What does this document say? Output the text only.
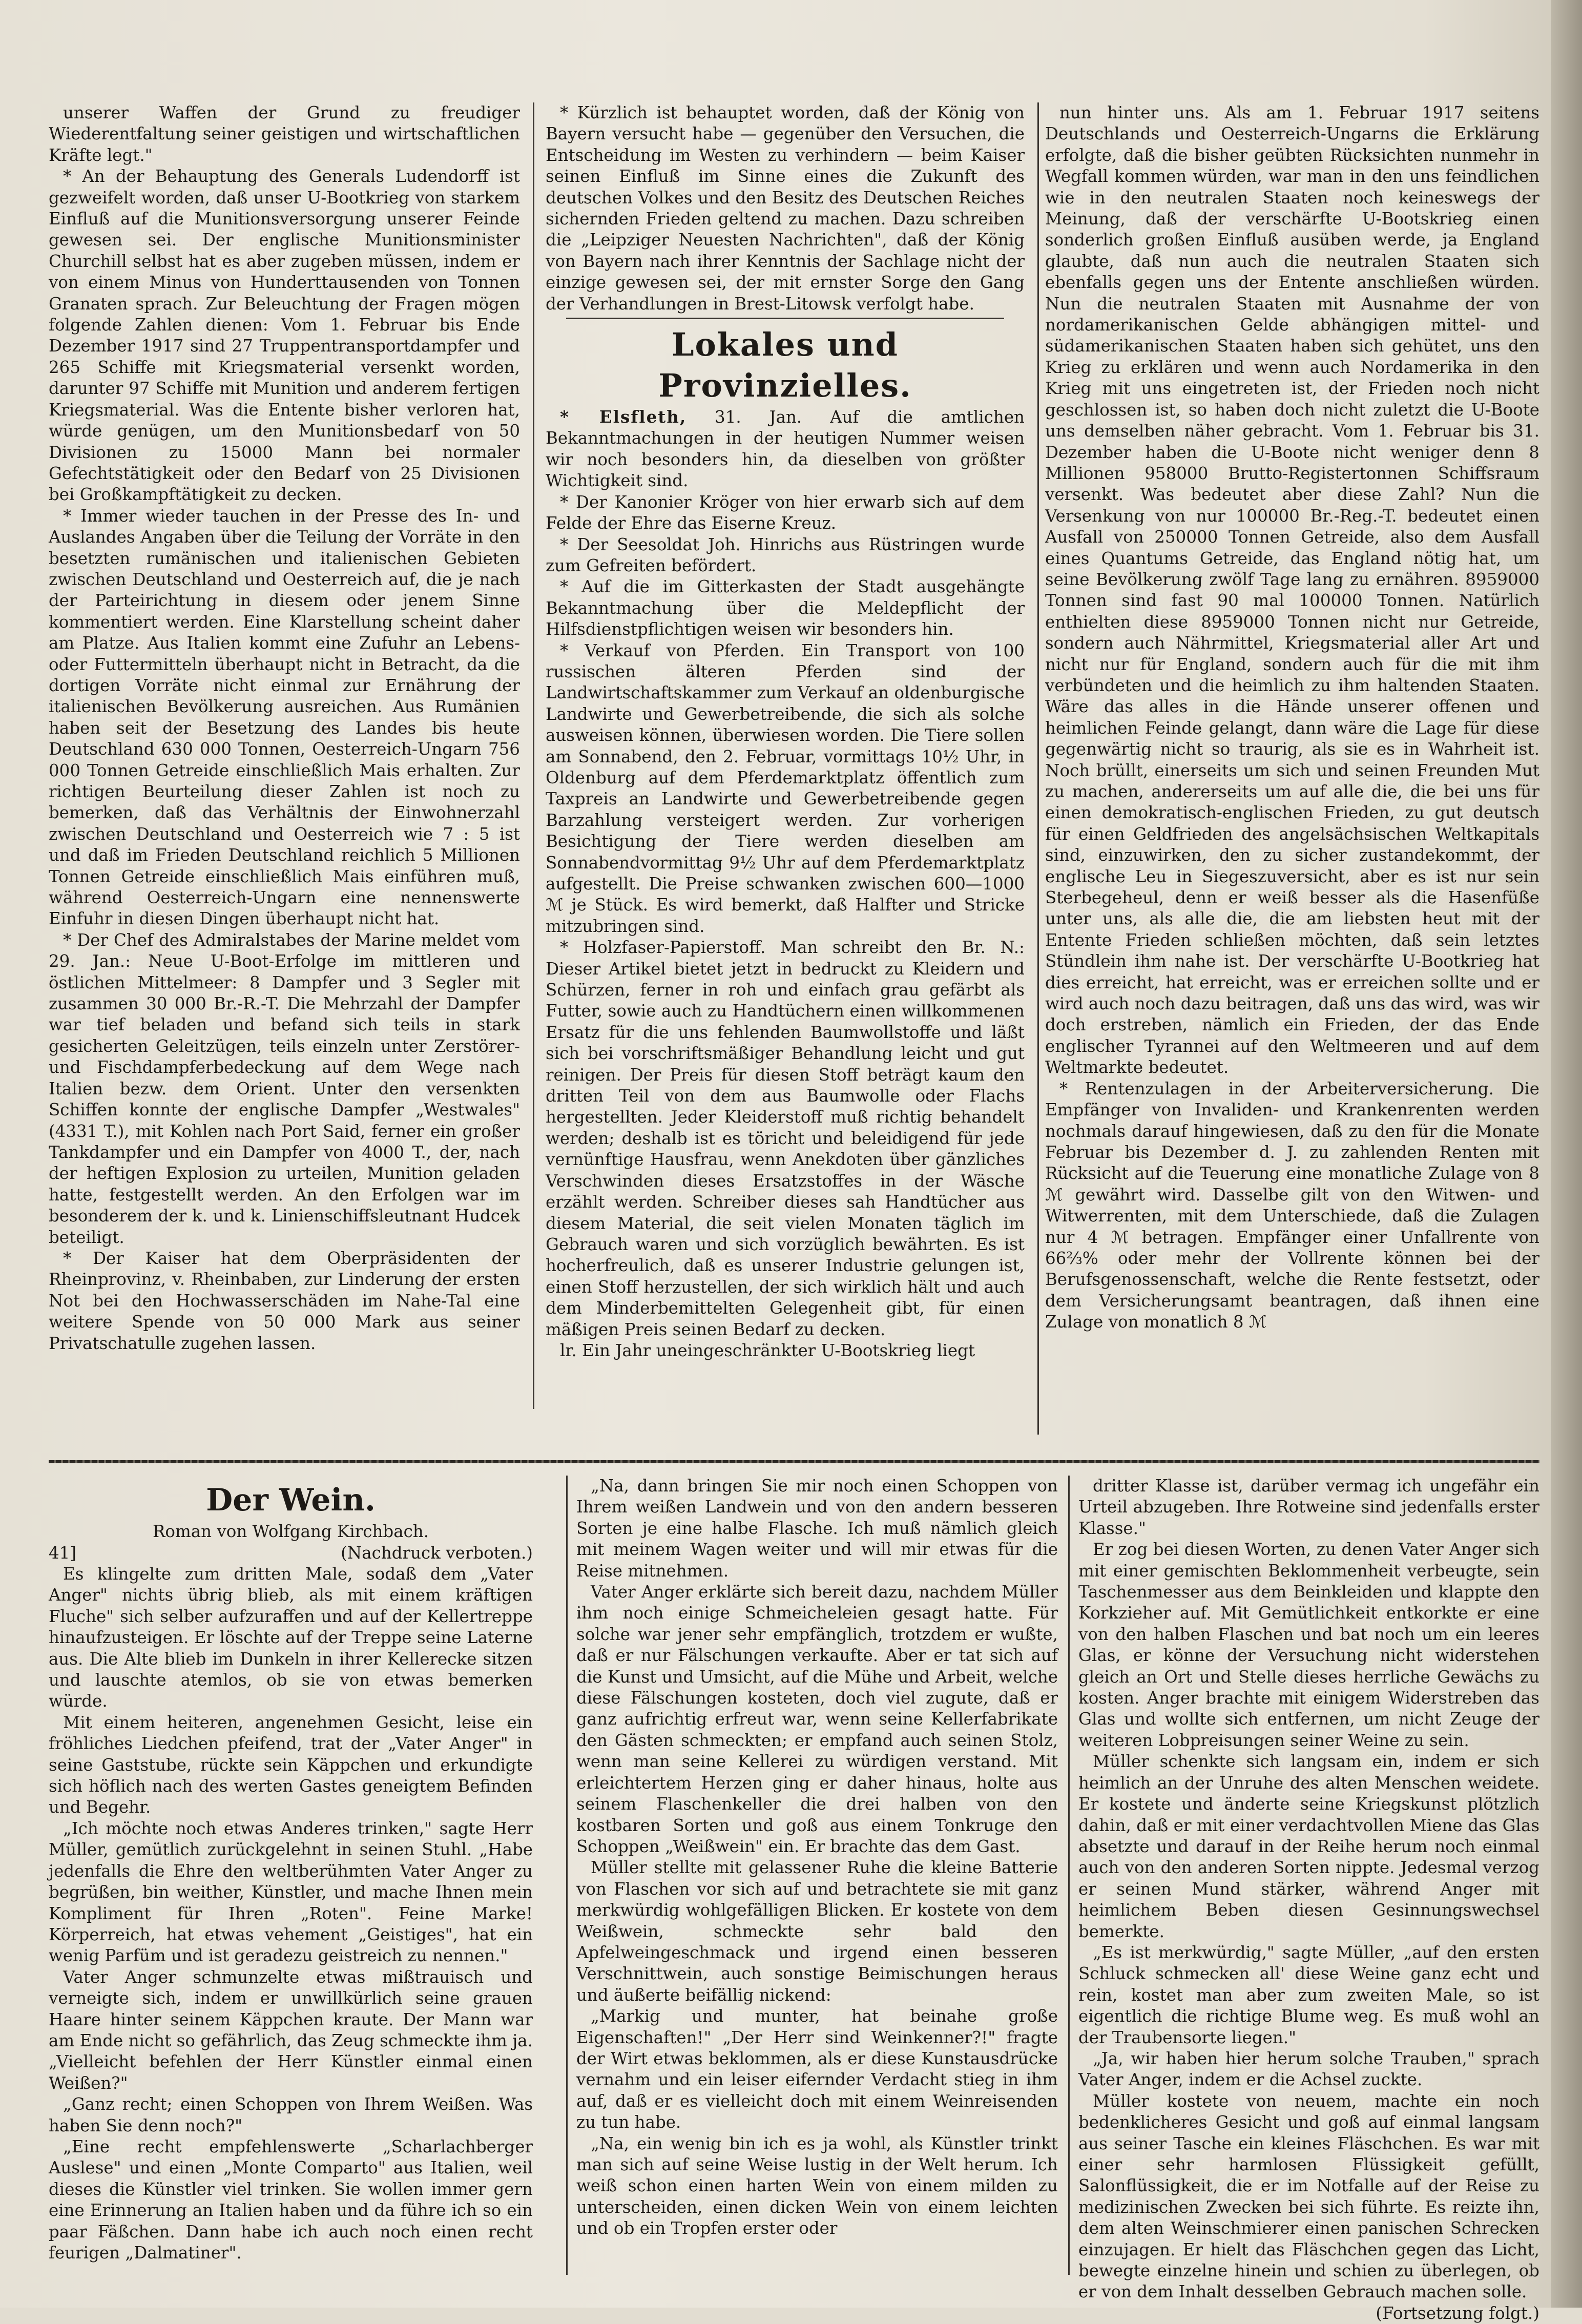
unserer Waffen der Grund zu freudiger Wiederentfaltung seiner geistigen und wirtschaftlichen Kräfte legt."

* An der Behauptung des Generals Ludendorff ist gezweifelt worden, daß unser U-Bootkrieg von starkem Einfluß auf die Munitionsversorgung unserer Feinde gewesen sei. Der englische Munitionsminister Churchill selbst hat es aber zugeben müssen, indem er von einem Minus von Hunderttausenden von Tonnen Granaten sprach. Zur Beleuchtung der Fragen mögen folgende Zahlen dienen: Vom 1. Februar bis Ende Dezember 1917 sind 27 Truppentransportdampfer und 265 Schiffe mit Kriegsmaterial versenkt worden, darunter 97 Schiffe mit Munition und anderem fertigen Kriegsmaterial. Was die Entente bisher verloren hat, würde genügen, um den Munitionsbedarf von 50 Divisionen zu 15000 Mann bei normaler Gefechtstätigkeit oder den Bedarf von 25 Divisionen bei Großkampftätigkeit zu decken.

* Immer wieder tauchen in der Presse des In- und Auslandes Angaben über die Teilung der Vorräte in den besetzten rumänischen und italienischen Gebieten zwischen Deutschland und Oesterreich auf, die je nach der Parteirichtung in diesem oder jenem Sinne kommentiert werden. Eine Klarstellung scheint daher am Platze. Aus Italien kommt eine Zufuhr an Lebens- oder Futtermitteln überhaupt nicht in Betracht, da die dortigen Vorräte nicht einmal zur Ernährung der italienischen Bevölkerung ausreichen. Aus Rumänien haben seit der Besetzung des Landes bis heute Deutschland 630 000 Tonnen, Oesterreich-Ungarn 756 000 Tonnen Getreide einschließlich Mais erhalten. Zur richtigen Beurteilung dieser Zahlen ist noch zu bemerken, daß das Verhältnis der Einwohnerzahl zwischen Deutschland und Oesterreich wie 7 : 5 ist und daß im Frieden Deutschland reichlich 5 Millionen Tonnen Getreide einschließlich Mais einführen muß, während Oesterreich-Ungarn eine nennenswerte Einfuhr in diesen Dingen überhaupt nicht hat.

* Der Chef des Admiralstabes der Marine meldet vom 29. Jan.: Neue U-Boot-Erfolge im mittleren und östlichen Mittelmeer: 8 Dampfer und 3 Segler mit zusammen 30 000 Br.-R.-T. Die Mehrzahl der Dampfer war tief beladen und befand sich teils in stark gesicherten Geleitzügen, teils einzeln unter Zerstörer- und Fischdampferbedeckung auf dem Wege nach Italien bezw. dem Orient. Unter den versenkten Schiffen konnte der englische Dampfer „Westwales" (4331 T.), mit Kohlen nach Port Said, ferner ein großer Tankdampfer und ein Dampfer von 4000 T., der, nach der heftigen Explosion zu urteilen, Munition geladen hatte, festgestellt werden. An den Erfolgen war im besonderem der k. und k. Linienschiffsleutnant Hudcek beteiligt.

* Der Kaiser hat dem Oberpräsidenten der Rheinprovinz, v. Rheinbaben, zur Linderung der ersten Not bei den Hochwasserschäden im Nahe-Tal eine weitere Spende von 50 000 Mark aus seiner Privatschatulle zugehen lassen.

* Kürzlich ist behauptet worden, daß der König von Bayern versucht habe — gegenüber den Versuchen, die Entscheidung im Westen zu verhindern — beim Kaiser seinen Einfluß im Sinne eines die Zukunft des deutschen Volkes und den Besitz des Deutschen Reiches sichernden Frieden geltend zu machen. Dazu schreiben die „Leipziger Neuesten Nachrichten", daß der König von Bayern nach ihrer Kenntnis der Sachlage nicht der einzige gewesen sei, der mit ernster Sorge den Gang der Verhandlungen in Brest-Litowsk verfolgt habe.

Lokales und Provinzielles.

* Elsfleth, 31. Jan. Auf die amtlichen Bekanntmachungen in der heutigen Nummer weisen wir noch besonders hin, da dieselben von größter Wichtigkeit sind.

* Der Kanonier Kröger von hier erwarb sich auf dem Felde der Ehre das Eiserne Kreuz.

* Der Seesoldat Joh. Hinrichs aus Rüstringen wurde zum Gefreiten befördert.

* Auf die im Gitterkasten der Stadt ausgehängte Bekanntmachung über die Meldepflicht der Hilfsdienstpflichtigen weisen wir besonders hin.

* Verkauf von Pferden. Ein Transport von 100 russischen älteren Pferden sind der Landwirtschaftskammer zum Verkauf an oldenburgische Landwirte und Gewerbetreibende, die sich als solche ausweisen können, überwiesen worden. Die Tiere sollen am Sonnabend, den 2. Februar, vormittags 10½ Uhr, in Oldenburg auf dem Pferdemarktplatz öffentlich zum Taxpreis an Landwirte und Gewerbetreibende gegen Barzahlung versteigert werden. Zur vorherigen Besichtigung der Tiere werden dieselben am Sonnabendvormittag 9½ Uhr auf dem Pferdemarktplatz aufgestellt. Die Preise schwanken zwischen 600—1000 ℳ je Stück. Es wird bemerkt, daß Halfter und Stricke mitzubringen sind.

* Holzfaser-Papierstoff. Man schreibt den Br. N.: Dieser Artikel bietet jetzt in bedruckt zu Kleidern und Schürzen, ferner in roh und einfach grau gefärbt als Futter, sowie auch zu Handtüchern einen willkommenen Ersatz für die uns fehlenden Baumwollstoffe und läßt sich bei vorschriftsmäßiger Behandlung leicht und gut reinigen. Der Preis für diesen Stoff beträgt kaum den dritten Teil von dem aus Baumwolle oder Flachs hergestellten. Jeder Kleiderstoff muß richtig behandelt werden; deshalb ist es töricht und beleidigend für jede vernünftige Hausfrau, wenn Anekdoten über gänzliches Verschwinden dieses Ersatzstoffes in der Wäsche erzählt werden. Schreiber dieses sah Handtücher aus diesem Material, die seit vielen Monaten täglich im Gebrauch waren und sich vorzüglich bewährten. Es ist hocherfreulich, daß es unserer Industrie gelungen ist, einen Stoff herzustellen, der sich wirklich hält und auch dem Minderbemittelten Gelegenheit gibt, für einen mäßigen Preis seinen Bedarf zu decken.

lr. Ein Jahr uneingeschränkter U-Bootskrieg liegt

nun hinter uns. Als am 1. Februar 1917 seitens Deutschlands und Oesterreich-Ungarns die Erklärung erfolgte, daß die bisher geübten Rücksichten nunmehr in Wegfall kommen würden, war man in den uns feindlichen wie in den neutralen Staaten noch keineswegs der Meinung, daß der verschärfte U-Bootskrieg einen sonderlich großen Einfluß ausüben werde, ja England glaubte, daß nun auch die neutralen Staaten sich ebenfalls gegen uns der Entente anschließen würden. Nun die neutralen Staaten mit Ausnahme der von nordamerikanischen Gelde abhängigen mittel- und südamerikanischen Staaten haben sich gehütet, uns den Krieg zu erklären und wenn auch Nordamerika in den Krieg mit uns eingetreten ist, der Frieden noch nicht geschlossen ist, so haben doch nicht zuletzt die U-Boote uns demselben näher gebracht. Vom 1. Februar bis 31. Dezember haben die U-Boote nicht weniger denn 8 Millionen 958000 Brutto-Registertonnen Schiffsraum versenkt. Was bedeutet aber diese Zahl? Nun die Versenkung von nur 100000 Br.-Reg.-T. bedeutet einen Ausfall von 250000 Tonnen Getreide, also dem Ausfall eines Quantums Getreide, das England nötig hat, um seine Bevölkerung zwölf Tage lang zu ernähren. 8959000 Tonnen sind fast 90 mal 100000 Tonnen. Natürlich enthielten diese 8959000 Tonnen nicht nur Getreide, sondern auch Nährmittel, Kriegsmaterial aller Art und nicht nur für England, sondern auch für die mit ihm verbündeten und die heimlich zu ihm haltenden Staaten. Wäre das alles in die Hände unserer offenen und heimlichen Feinde gelangt, dann wäre die Lage für diese gegenwärtig nicht so traurig, als sie es in Wahrheit ist. Noch brüllt, einerseits um sich und seinen Freunden Mut zu machen, andererseits um auf alle die, die bei uns für einen demokratisch-englischen Frieden, zu gut deutsch für einen Geldfrieden des angelsächsischen Weltkapitals sind, einzuwirken, den zu sicher zustandekommt, der englische Leu in Siegeszuversicht, aber es ist nur sein Sterbegeheul, denn er weiß besser als die Hasenfüße unter uns, als alle die, die am liebsten heut mit der Entente Frieden schließen möchten, daß sein letztes Stündlein ihm nahe ist. Der verschärfte U-Bootkrieg hat dies erreicht, hat erreicht, was er erreichen sollte und er wird auch noch dazu beitragen, daß uns das wird, was wir doch erstreben, nämlich ein Frieden, der das Ende englischer Tyrannei auf den Weltmeeren und auf dem Weltmarkte bedeutet.

* Rentenzulagen in der Arbeiterversicherung. Die Empfänger von Invaliden- und Krankenrenten werden nochmals darauf hingewiesen, daß zu den für die Monate Februar bis Dezember d. J. zu zahlenden Renten mit Rücksicht auf die Teuerung eine monatliche Zulage von 8 ℳ gewährt wird. Dasselbe gilt von den Witwen- und Witwerrenten, mit dem Unterschiede, daß die Zulagen nur 4 ℳ betragen. Empfänger einer Unfallrente von 66⅔% oder mehr der Vollrente können bei der Berufsgenossenschaft, welche die Rente festsetzt, oder dem Versicherungsamt beantragen, daß ihnen eine Zulage von monatlich 8 ℳ

Der Wein.
Roman von Wolfgang Kirchbach.
41]	(Nachdruck verboten.)

Es klingelte zum dritten Male, sodaß dem „Vater Anger" nichts übrig blieb, als mit einem kräftigen Fluche" sich selber aufzuraffen und auf der Kellertreppe hinaufzusteigen. Er löschte auf der Treppe seine Laterne aus. Die Alte blieb im Dunkeln in ihrer Kellerecke sitzen und lauschte atemlos, ob sie von etwas bemerken würde.

Mit einem heiteren, angenehmen Gesicht, leise ein fröhliches Liedchen pfeifend, trat der „Vater Anger" in seine Gaststube, rückte sein Käppchen und erkundigte sich höflich nach des werten Gastes geneigtem Befinden und Begehr.

„Ich möchte noch etwas Anderes trinken," sagte Herr Müller, gemütlich zurückgelehnt in seinen Stuhl. „Habe jedenfalls die Ehre den weltberühmten Vater Anger zu begrüßen, bin weither, Künstler, und mache Ihnen mein Kompliment für Ihren „Roten". Feine Marke! Körperreich, hat etwas vehement „Geistiges", hat ein wenig Parfüm und ist geradezu geistreich zu nennen."

Vater Anger schmunzelte etwas mißtrauisch und verneigte sich, indem er unwillkürlich seine grauen Haare hinter seinem Käppchen kraute. Der Mann war am Ende nicht so gefährlich, das Zeug schmeckte ihm ja. „Vielleicht befehlen der Herr Künstler einmal einen Weißen?"

„Ganz recht; einen Schoppen von Ihrem Weißen. Was haben Sie denn noch?"

„Eine recht empfehlenswerte „Scharlachberger Auslese" und einen „Monte Comparto" aus Italien, weil dieses die Künstler viel trinken. Sie wollen immer gern eine Erinnerung an Italien haben und da führe ich so ein paar Fäßchen. Dann habe ich auch noch einen recht feurigen „Dalmatiner".

„Na, dann bringen Sie mir noch einen Schoppen von Ihrem weißen Landwein und von den andern besseren Sorten je eine halbe Flasche. Ich muß nämlich gleich mit meinem Wagen weiter und will mir etwas für die Reise mitnehmen.

Vater Anger erklärte sich bereit dazu, nachdem Müller ihm noch einige Schmeicheleien gesagt hatte. Für solche war jener sehr empfänglich, trotzdem er wußte, daß er nur Fälschungen verkaufte. Aber er tat sich auf die Kunst und Umsicht, auf die Mühe und Arbeit, welche diese Fälschungen kosteten, doch viel zugute, daß er ganz aufrichtig erfreut war, wenn seine Kellerfabrikate den Gästen schmeckten; er empfand auch seinen Stolz, wenn man seine Kellerei zu würdigen verstand. Mit erleichtertem Herzen ging er daher hinaus, holte aus seinem Flaschenkeller die drei halben von den kostbaren Sorten und goß aus einem Tonkruge den Schoppen „Weißwein" ein. Er brachte das dem Gast.

Müller stellte mit gelassener Ruhe die kleine Batterie von Flaschen vor sich auf und betrachtete sie mit ganz merkwürdig wohlgefälligen Blicken. Er kostete von dem Weißwein, schmeckte sehr bald den Apfelweingeschmack und irgend einen besseren Verschnittwein, auch sonstige Beimischungen heraus und äußerte beifällig nickend:

„Markig und munter, hat beinahe große Eigenschaften!" „Der Herr sind Weinkenner?!" fragte der Wirt etwas beklommen, als er diese Kunstausdrücke vernahm und ein leiser eifernder Verdacht stieg in ihm auf, daß er es vielleicht doch mit einem Weinreisenden zu tun habe.

„Na, ein wenig bin ich es ja wohl, als Künstler trinkt man sich auf seine Weise lustig in der Welt herum. Ich weiß schon einen harten Wein von einem milden zu unterscheiden, einen dicken Wein von einem leichten und ob ein Tropfen erster oder

dritter Klasse ist, darüber vermag ich ungefähr ein Urteil abzugeben. Ihre Rotweine sind jedenfalls erster Klasse."

Er zog bei diesen Worten, zu denen Vater Anger sich mit einer gemischten Beklommenheit verbeugte, sein Taschenmesser aus dem Beinkleiden und klappte den Korkzieher auf. Mit Gemütlichkeit entkorkte er eine von den halben Flaschen und bat noch um ein leeres Glas, er könne der Versuchung nicht widerstehen gleich an Ort und Stelle dieses herrliche Gewächs zu kosten. Anger brachte mit einigem Widerstreben das Glas und wollte sich entfernen, um nicht Zeuge der weiteren Lobpreisungen seiner Weine zu sein.

Müller schenkte sich langsam ein, indem er sich heimlich an der Unruhe des alten Menschen weidete. Er kostete und änderte seine Kriegskunst plötzlich dahin, daß er mit einer verdachtvollen Miene das Glas absetzte und darauf in der Reihe herum noch einmal auch von den anderen Sorten nippte. Jedesmal verzog er seinen Mund stärker, während Anger mit heimlichem Beben diesen Gesinnungswechsel bemerkte.

„Es ist merkwürdig," sagte Müller, „auf den ersten Schluck schmecken all' diese Weine ganz echt und rein, kostet man aber zum zweiten Male, so ist eigentlich die richtige Blume weg. Es muß wohl an der Traubensorte liegen."

„Ja, wir haben hier herum solche Trauben," sprach Vater Anger, indem er die Achsel zuckte.

Müller kostete von neuem, machte ein noch bedenklicheres Gesicht und goß auf einmal langsam aus seiner Tasche ein kleines Fläschchen. Es war mit einer sehr harmlosen Flüssigkeit gefüllt, Salonflüssigkeit, die er im Notfalle auf der Reise zu medizinischen Zwecken bei sich führte. Es reizte ihn, dem alten Weinschmierer einen panischen Schrecken einzujagen. Er hielt das Fläschchen gegen das Licht, bewegte einzelne hinein und schien zu überlegen, ob er von dem Inhalt desselben Gebrauch machen solle.

(Fortsetzung folgt.)
